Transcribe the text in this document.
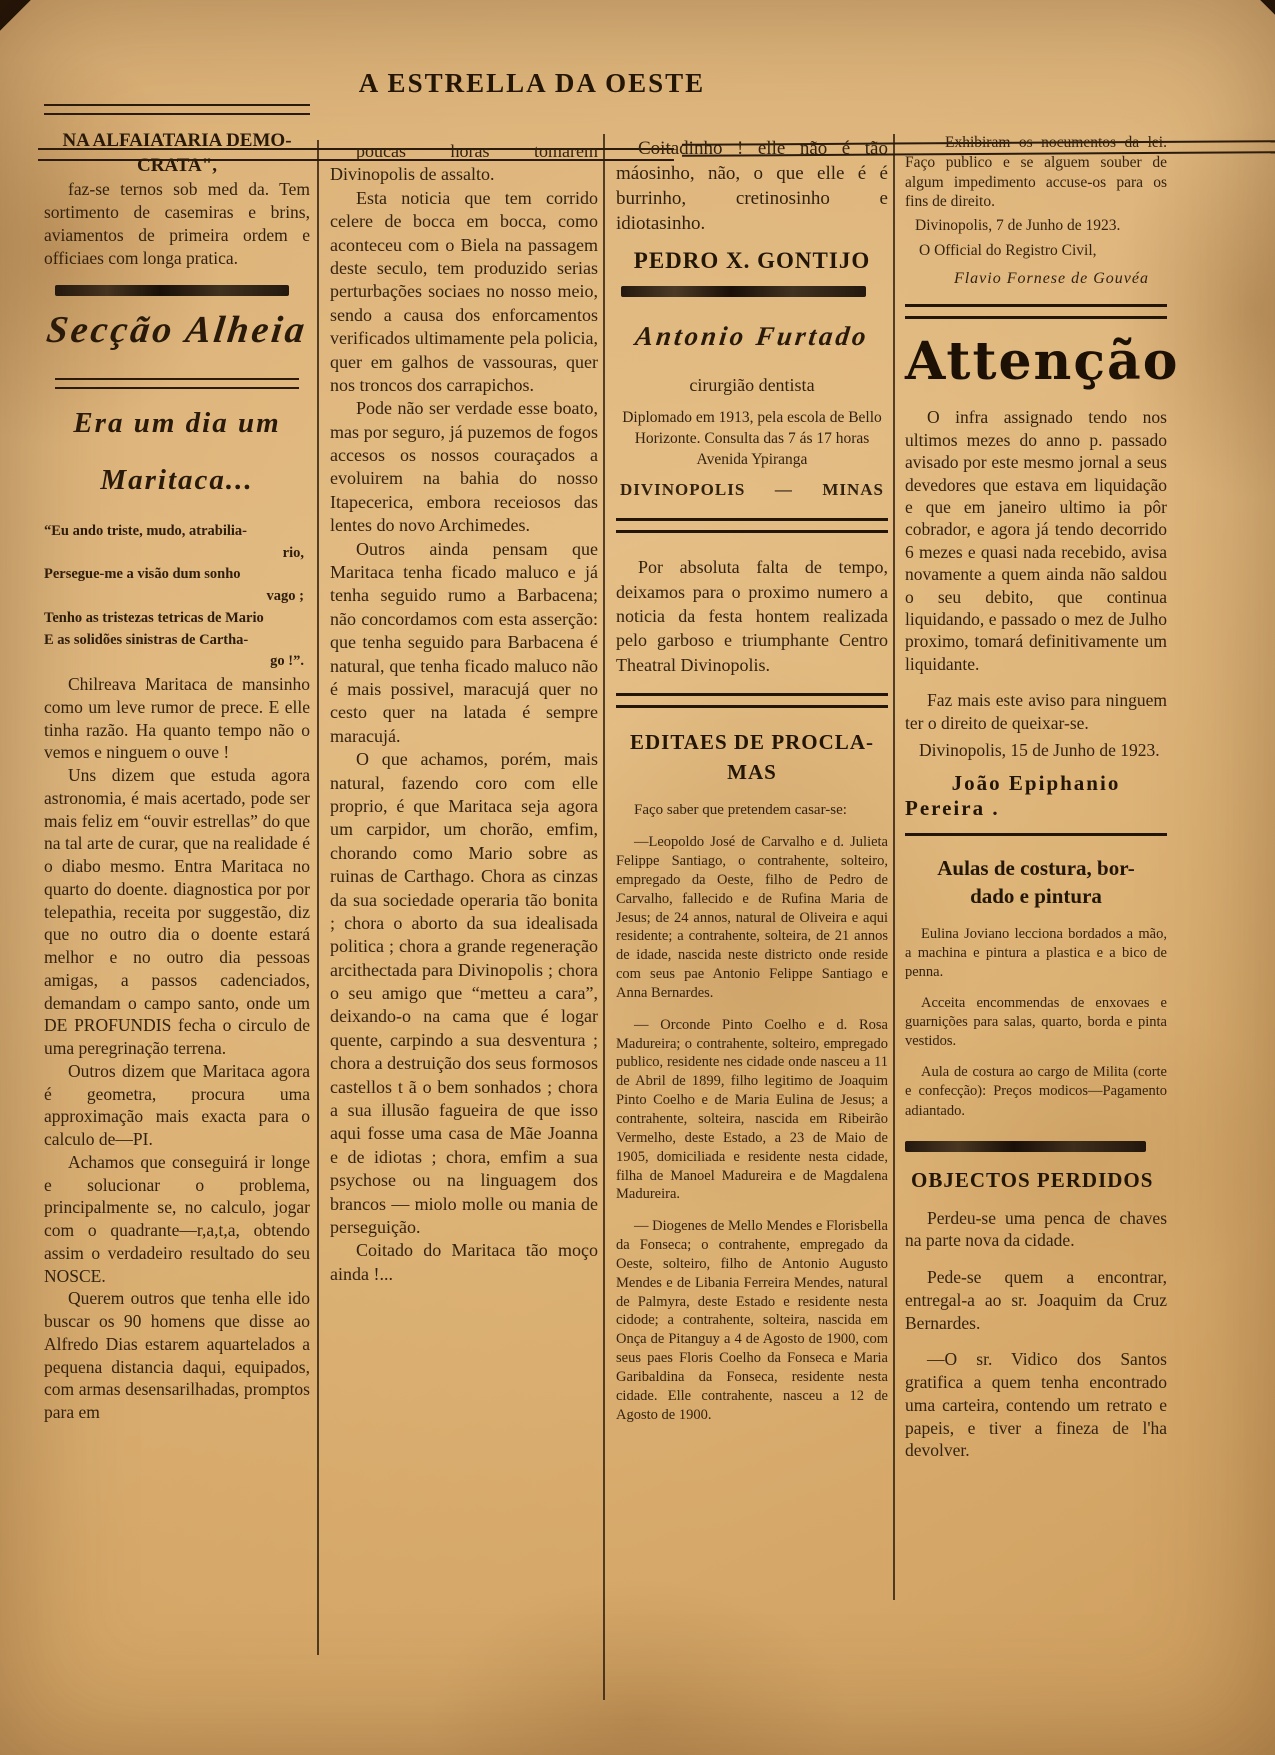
A ESTRELLA DA OESTE
NA ALFAIATARIA DEMO-CRATA",

faz-se ternos sob med da. Tem sortimento de casemiras e brins, aviamentos de primeira ordem e officiaes com longa pratica.

Secção Alheia
Era um dia um
Maritaca...
“Eu ando triste, mudo, atrabilia-
rio,
Persegue-me a visão dum sonho
vago ;
Tenho as tristezas tetricas de Mario
E as solidões sinistras de Cartha-
go !”.

Chilreava Maritaca de mansinho como um leve rumor de prece. E elle tinha razão. Ha quanto tempo não o vemos e ninguem o ouve !

Uns dizem que estuda agora astronomia, é mais acertado, pode ser mais feliz em “ouvir estrellas” do que na tal arte de curar, que na realidade é o diabo mesmo. Entra Maritaca no quarto do doente. diagnostica por por telepathia, receita por suggestão, diz que no outro dia o doente estará melhor e no outro dia pessoas amigas, a passos cadenciados, demandam o campo santo, onde um DE PROFUNDIS fecha o circulo de uma peregrinação terrena.

Outros dizem que Maritaca agora é geometra, procura uma approximação mais exacta para o calculo de—PI.

Achamos que conseguirá ir longe e solucionar o problema, principalmente se, no calculo, jogar com o quadrante—r,a,t,a, obtendo assim o verdadeiro resultado do seu NOSCE.

Querem outros que tenha elle ido buscar os 90 homens que disse ao Alfredo Dias estarem aquartelados a pequena distancia daqui, equipados, com armas desensarilhadas, promptos para em

poucas horas tomarem Divinopolis de assalto.

Esta noticia que tem corrido celere de bocca em bocca, como aconteceu com o Biela na passagem deste seculo, tem produzido serias perturbações sociaes no nosso meio, sendo a causa dos enforcamentos verificados ultimamente pela policia, quer em galhos de vassouras, quer nos troncos dos carrapichos.

Pode não ser verdade esse boato, mas por seguro, já puzemos de fogos accesos os nossos couraçados a evoluirem na bahia do nosso Itapecerica, embora receiosos das lentes do novo Archimedes.

Outros ainda pensam que Maritaca tenha ficado maluco e já tenha seguido rumo a Barbacena; não concordamos com esta asserção: que tenha seguido para Barbacena é natural, que tenha ficado maluco não é mais possivel, maracujá quer no cesto quer na latada é sempre maracujá.

O que achamos, porém, mais natural, fazendo coro com elle proprio, é que Maritaca seja agora um carpidor, um chorão, emfim, chorando como Mario sobre as ruinas de Carthago. Chora as cinzas da sua sociedade operaria tão bonita ; chora o aborto da sua idealisada politica ; chora a grande regeneração arcithectada para Divinopolis ; chora o seu amigo que “metteu a cara”, deixando-o na cama que é logar quente, carpindo a sua desventura ; chora a destruição dos seus formosos castellos t ã o bem sonhados ; chora a sua illusão fagueira de que isso aqui fosse uma casa de Mãe Joanna e de idiotas ; chora, emfim a sua psychose ou na linguagem dos brancos — miolo molle ou mania de perseguição.

Coitado do Maritaca tão moço ainda !...

Coitadinho ! elle não é tão máosinho, não, o que elle é é burrinho, cretinosinho e idiotasinho.

PEDRO X. GONTIJO
Antonio Furtado

cirurgião dentista

Diplomado em 1913, pela escola de Bello Horizonte. Consulta das 7 ás 17 horas Avenida Ypiranga

DIVINOPOLIS — MINAS

Por absoluta falta de tempo, deixamos para o proximo numero a noticia da festa hontem realizada pelo garboso e triumphante Centro Theatral Divinopolis.

EDITAES DE PROCLA-
MAS

Faço saber que pretendem casar-se:

—Leopoldo José de Carvalho e d. Julieta Felippe Santiago, o contrahente, solteiro, empregado da Oeste, filho de Pedro de Carvalho, fallecido e de Rufina Maria de Jesus; de 24 annos, natural de Oliveira e aqui residente; a contrahente, solteira, de 21 annos de idade, nascida neste districto onde reside com seus pae Antonio Felippe Santiago e Anna Bernardes.

— Orconde Pinto Coelho e d. Rosa Madureira; o contrahente, solteiro, empregado publico, residente nes cidade onde nasceu a 11 de Abril de 1899, filho legitimo de Joaquim Pinto Coelho e de Maria Eulina de Jesus; a contrahente, solteira, nascida em Ribeirão Vermelho, deste Estado, a 23 de Maio de 1905, domiciliada e residente nesta cidade, filha de Manoel Madureira e de Magdalena Madureira.

— Diogenes de Mello Mendes e Florisbella da Fonseca; o contrahente, empregado da Oeste, solteiro, filho de Antonio Augusto Mendes e de Libania Ferreira Mendes, natural de Palmyra, deste Estado e residente nesta cidode; a contrahente, solteira, nascida em Onça de Pitanguy a 4 de Agosto de 1900, com seus paes Floris Coelho da Fonseca e Maria Garibaldina da Fonseca, residente nesta cidade. Elle contrahente, nasceu a 12 de Agosto de 1900.

— Exhibiram os nocumentos da lei. Faço publico e se alguem souber de algum impedimento accuse-os para os fins de direito.

Divinopolis, 7 de Junho de 1923.

O Official do Registro Civil,

Flavio Fornese de Gouvéa

Attenção

O infra assignado tendo nos ultimos mezes do anno p. passado avisado por este mesmo jornal a seus devedores que estava em liquidação e que em janeiro ultimo ia pôr cobrador, e agora já tendo decorrido 6 mezes e quasi nada recebido, avisa novamente a quem ainda não saldou o seu debito, que continua liquidando, e passado o mez de Julho proximo, tomará definitivamente um liquidante.

Faz mais este aviso para ninguem ter o direito de queixar-se.

Divinopolis, 15 de Junho de 1923.

João Epiphanio
Pereira .
Aulas de costura, bor-
dado e pintura

Eulina Joviano lecciona bordados a mão, a machina e pintura a plastica e a bico de penna.

Acceita encommendas de enxovaes e guarnições para salas, quarto, borda e pinta vestidos.

Aula de costura ao cargo de Milita (corte e confecção): Preços modicos—Pagamento adiantado.

OBJECTOS PERDIDOS

Perdeu-se uma penca de chaves na parte nova da cidade.

Pede-se quem a encontrar, entregal-a ao sr. Joaquim da Cruz Bernardes.

—O sr. Vidico dos Santos gratifica a quem tenha encontrado uma carteira, contendo um retrato e papeis, e tiver a fineza de l'ha devolver.
